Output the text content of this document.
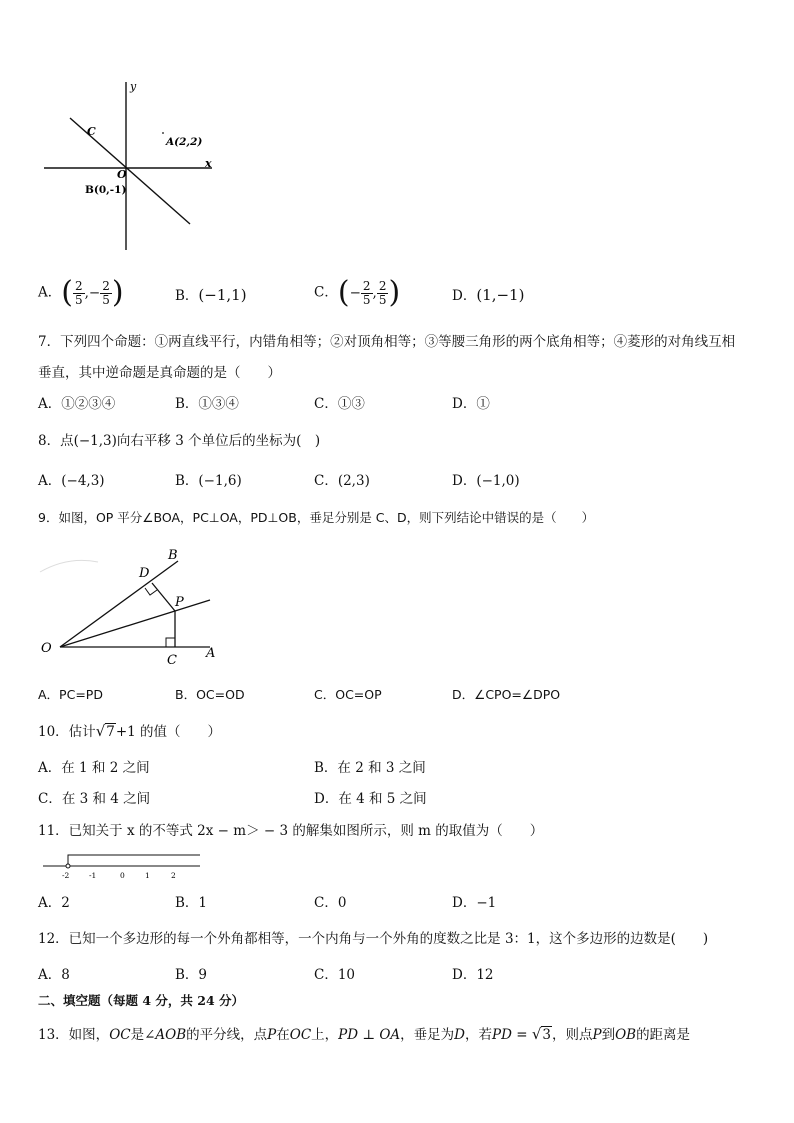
y
x
C
A(2,2)
O
B(0,-1)
A．( $\frac{2}{5}$ ,− $\frac{2}{5}$ )	B．(−1,1)	C．(− $\frac{2}{5}$ , $\frac{2}{5}$ )	D．(1,−1)
7．下列四个命题：①两直线平行，内错角相等；②对顶角相等；③等腰三角形的两个底角相等；④菱形的对角线互相
垂直，其中逆命题是真命题的是（　　）
A．①②③④	B．①③④	C．①③	D．①
8．点(−1,3)向右平移 3 个单位后的坐标为(　)
A．(−4,3)	B．(−1,6)	C．(2,3)	D．(−1,0)
9．如图，OP 平分∠BOA，PC⊥OA，PD⊥OB，垂足分别是 C、D，则下列结论中错误的是（　　）
B
D
P
O
C A
A．PC=PD	B．OC=OD	C．OC=OP	D．∠CPO=∠DPO
10．估计√7+1 的值（　　）
A．在 1 和 2 之间	B．在 2 和 3 之间
C．在 3 和 4 之间	D．在 4 和 5 之间
11．已知关于 x 的不等式 2x − m＞ − 3 的解集如图所示，则 m 的取值为（　　）
-2	-1	0	1	2
A．2	B．1	C．0	D．−1
12．已知一个多边形的每一个外角都相等，一个内角与一个外角的度数之比是 3：1，这个多边形的边数是(　　)
A．8	B．9	C．10	D．12
二、填空题（每题 4 分，共 24 分）
13．如图，OC是∠AOB的平分线，点P在OC上，PD ⊥ OA，垂足为D，若PD = √3，则点P到OB的距离是
